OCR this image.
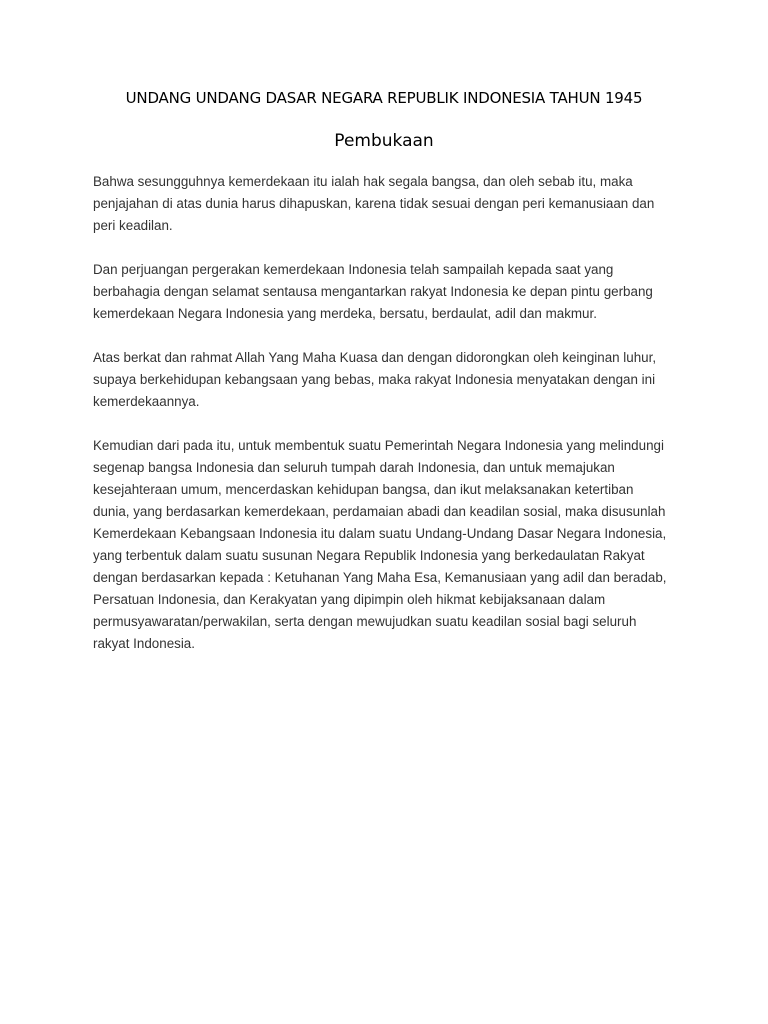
UNDANG UNDANG DASAR NEGARA REPUBLIK INDONESIA TAHUN 1945
Pembukaan

Bahwa sesungguhnya kemerdekaan itu ialah hak segala bangsa, dan oleh sebab itu, maka
penjajahan di atas dunia harus dihapuskan, karena tidak sesuai dengan peri kemanusiaan dan
peri keadilan.

Dan perjuangan pergerakan kemerdekaan Indonesia telah sampailah kepada saat yang
berbahagia dengan selamat sentausa mengantarkan rakyat Indonesia ke depan pintu gerbang
kemerdekaan Negara Indonesia yang merdeka, bersatu, berdaulat, adil dan makmur.

Atas berkat dan rahmat Allah Yang Maha Kuasa dan dengan didorongkan oleh keinginan luhur,
supaya berkehidupan kebangsaan yang bebas, maka rakyat Indonesia menyatakan dengan ini
kemerdekaannya.

Kemudian dari pada itu, untuk membentuk suatu Pemerintah Negara Indonesia yang melindungi
segenap bangsa Indonesia dan seluruh tumpah darah Indonesia, dan untuk memajukan
kesejahteraan umum, mencerdaskan kehidupan bangsa, dan ikut melaksanakan ketertiban
dunia, yang berdasarkan kemerdekaan, perdamaian abadi dan keadilan sosial, maka disusunlah
Kemerdekaan Kebangsaan Indonesia itu dalam suatu Undang-Undang Dasar Negara Indonesia,
yang terbentuk dalam suatu susunan Negara Republik Indonesia yang berkedaulatan Rakyat
dengan berdasarkan kepada : Ketuhanan Yang Maha Esa, Kemanusiaan yang adil dan beradab,
Persatuan Indonesia, dan Kerakyatan yang dipimpin oleh hikmat kebijaksanaan dalam
permusyawaratan/perwakilan, serta dengan mewujudkan suatu keadilan sosial bagi seluruh
rakyat Indonesia.
